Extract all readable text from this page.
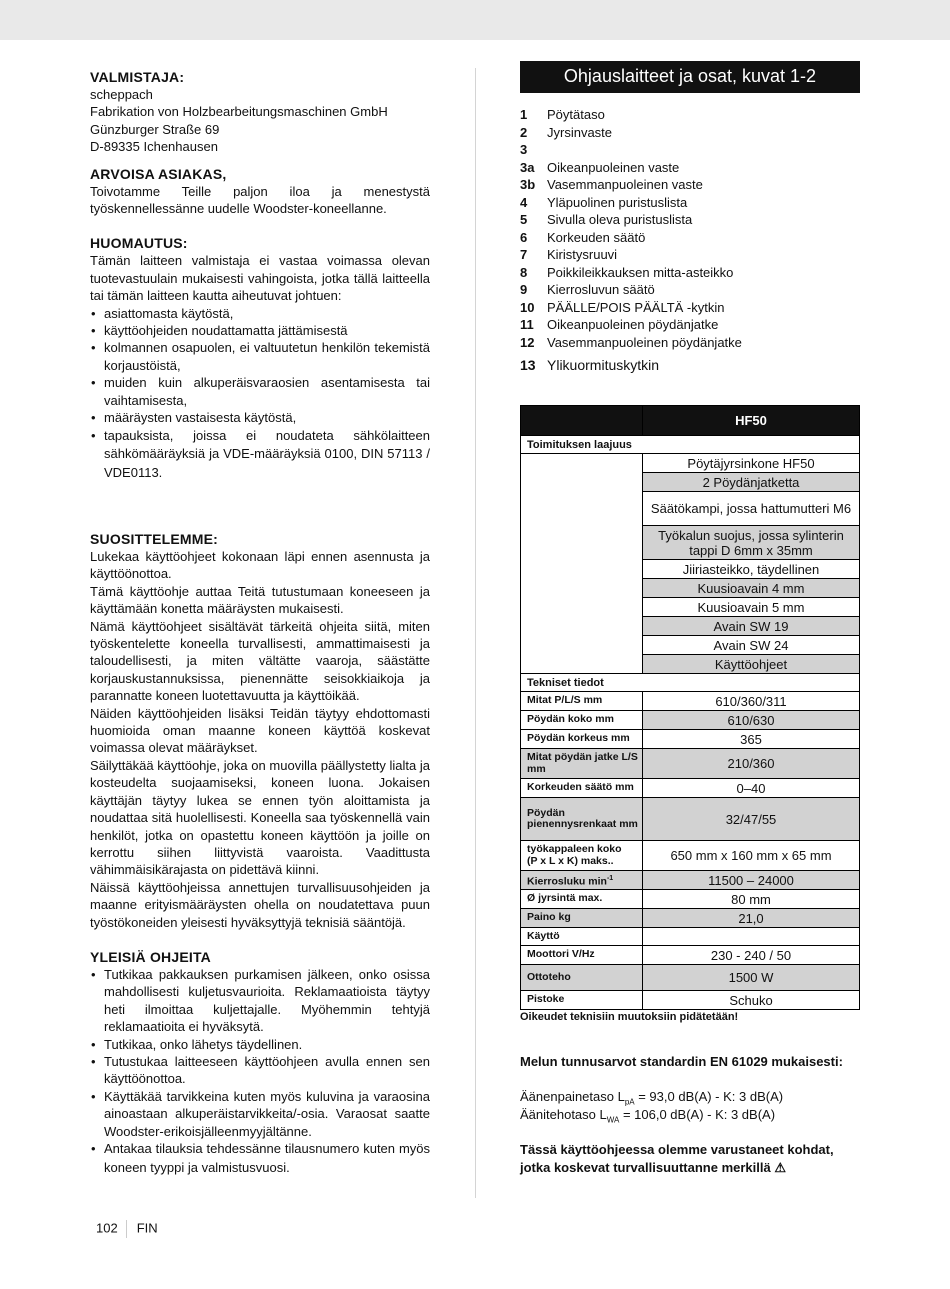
VALMISTAJA:

scheppach

Fabrikation von Holzbearbeitungsmaschinen GmbH

Günzburger Straße 69

D-89335 Ichenhausen

ARVOISA ASIAKAS,

Toivotamme Teille paljon iloa ja menestystä työskennellessänne uudelle Woodster-koneellanne.

HUOMAUTUS:

Tämän laitteen valmistaja ei vastaa voimassa olevan tuotevastuulain mukaisesti vahingoista, jotka tällä laitteella tai tämän laitteen kautta aiheutuvat johtuen:

• asiattomasta käytöstä,
• käyttöohjeiden noudattamatta jättämisestä
• kolmannen osapuolen, ei valtuutetun henkilön tekemistä korjaustöistä,
• muiden kuin alkuperäisvaraosien asentamisesta tai vaihtamisesta,
• määräysten vastaisesta käytöstä,
• tapauksista, joissa ei noudateta sähkölaitteen sähkömääräyksiä ja VDE-määräyksiä 0100, DIN 57113 / VDE0113.
SUOSITTELEMME:

Lukekaa käyttöohjeet kokonaan läpi ennen asennusta ja käyttöönottoa.

Tämä käyttöohje auttaa Teitä tutustumaan koneeseen ja käyttämään konetta määräysten mukaisesti.

Nämä käyttöohjeet sisältävät tärkeitä ohjeita siitä, miten työskentelette koneella turvallisesti, ammattimaisesti ja taloudellisesti, ja miten vältätte vaaroja, säästätte korjauskustannuksissa, pienennätte seisokkiaikoja ja parannatte koneen luotettavuutta ja käyttöikää.

Näiden käyttöohjeiden lisäksi Teidän täytyy ehdottomasti huomioida oman maanne koneen käyttöä koskevat voimassa olevat määräykset.

Säilyttäkää käyttöohje, joka on muovilla päällystetty lialta ja kosteudelta suojaamiseksi, koneen luona. Jokaisen käyttäjän täytyy lukea se ennen työn aloittamista ja noudattaa sitä huolellisesti. Koneella saa työskennellä vain henkilöt, jotka on opastettu koneen käyttöön ja joille on kerrottu siihen liittyvistä vaaroista. Vaadittusta vähimmäisikärajasta on pidettävä kiinni.

Näissä käyttöohjeissa annettujen turvallisuusohjeiden ja maanne erityismääräysten ohella on noudatettava puun työstökoneiden yleisesti hyväksyttyjä teknisiä sääntöjä.

YLEISIÄ OHJEITA
• Tutkikaa pakkauksen purkamisen jälkeen, onko osissa mahdollisesti kuljetusvaurioita. Reklamaatioista täytyy heti ilmoittaa kuljettajalle. Myöhemmin tehtyjä reklamaatioita ei hyväksytä.
• Tutkikaa, onko lähetys täydellinen.
• Tutustukaa laitteeseen käyttöohjeen avulla ennen sen käyttöönottoa.
• Käyttäkää tarvikkeina kuten myös kuluvina ja varaosina ainoastaan alkuperäistarvikkeita/-osia. Varaosat saatte Woodster-erikoisjälleenmyyjältänne.
• Antakaa tilauksia tehdessänne tilausnumero kuten myös koneen tyyppi ja valmistusvuosi.
102 FIN
Ohjauslaitteet ja osat, kuvat 1-2
1	Pöytätaso
2	Jyrsinvaste
3
3a Oikeanpuoleinen vaste
3b Vasemmanpuoleinen vaste
4	Yläpuolinen puristuslista
5	Sivulla oleva puristuslista
6	Korkeuden säätö
7	Kiristysruuvi
8	Poikkileikkauksen mitta-asteikko
9	Kierrosluvun säätö
10 PÄÄLLE/POIS PÄÄLTÄ -kytkin
11	Oikeanpuoleinen pöydänjatke
12 Vasemmanpuoleinen pöydänjatke
13 Ylikuormituskytkin
	HF50
Toimituksen laajuus	
	Pöytäjyrsinkone HF50
	2 Pöydänjatketta
	Säätökampi, jossa hattumutteri M6
	Työkalun suojus, jossa sylinterin tappi D 6mm x 35mm
	Jiiriasteikko, täydellinen
	Kuusioavain 4 mm
	Kuusioavain 5 mm
	Avain SW 19
	Avain SW 24
	Käyttöohjeet
Tekniset tiedot	
Mitat P/L/S mm	610/360/311
Pöydän koko mm	610/630
Pöydän korkeus mm	365
Mitat pöydän jatke L/S mm	210/360
Korkeuden säätö mm	0–40
Pöydän pienennysrenkaat mm	32/47/55

työkappaleen koko
(P x L x K) maks..	650 mm x 160 mm x 65 mm
Kierrosluku $\min^{-1}$	11500 – 24000
Ø jyrsintä max.	80 mm
Paino kg	21,0
Käyttö	
Moottori V/Hz	230 - 240 / 50
Ottoteho	1500 W
Pistoke	Schuko
Oikeudet teknisiin muutoksiin pidätetään!
Melun tunnusarvot standardin EN 61029 mukaisesti:
Äänenpainetaso $L_{pA} = 93,0$ dB(A) - K: 3 dB(A)
Äänitehotaso $L_{WA} = 106,0$ dB(A) - K: 3 dB(A)
Tässä käyttöohjeessa olemme varustaneet kohdat, jotka koskevat turvallisuuttanne merkillä ⚠
